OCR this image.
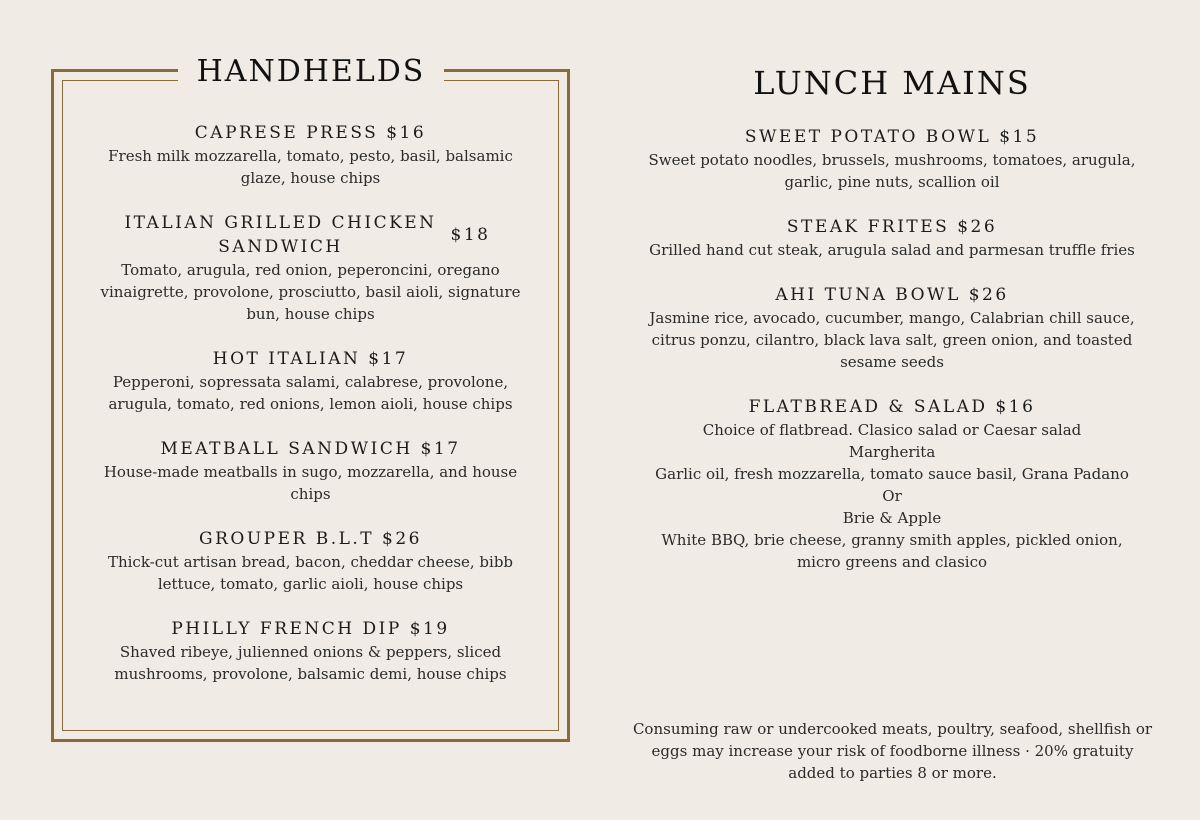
HANDHELDS
CAPRESE PRESS $16
Fresh milk mozzarella, tomato, pesto, basil, balsamic glaze, house chips
ITALIAN GRILLED CHICKEN SANDWICH
$18
Tomato, arugula, red onion, peperoncini, oregano vinaigrette, provolone, prosciutto, basil aioli, signature bun, house chips
HOT ITALIAN $17
Pepperoni, sopressata salami, calabrese, provolone, arugula, tomato, red onions, lemon aioli, house chips
MEATBALL SANDWICH $17
House-made meatballs in sugo, mozzarella, and house chips
GROUPER B.L.T $26
Thick-cut artisan bread, bacon, cheddar cheese, bibb lettuce, tomato, garlic aioli, house chips
PHILLY FRENCH DIP $19
Shaved ribeye, julienned onions & peppers, sliced mushrooms, provolone, balsamic demi, house chips
LUNCH MAINS
SWEET POTATO BOWL $15
Sweet potato noodles, brussels, mushrooms, tomatoes, arugula, garlic, pine nuts, scallion oil
STEAK FRITES $26
Grilled hand cut steak, arugula salad and parmesan truffle fries
AHI TUNA BOWL $26
Jasmine rice, avocado, cucumber, mango, Calabrian chill sauce, citrus ponzu, cilantro, black lava salt, green onion, and toasted sesame seeds
FLATBREAD & SALAD $16
Choice of flatbread. Clasico salad or Caesar salad
Margherita
Garlic oil, fresh mozzarella, tomato sauce basil, Grana Padano
Or
Brie & Apple
White BBQ, brie cheese, granny smith apples, pickled onion, micro greens and clasico
Consuming raw or undercooked meats, poultry, seafood, shellfish or eggs may increase your risk of foodborne illness · 20% gratuity added to parties 8 or more.
